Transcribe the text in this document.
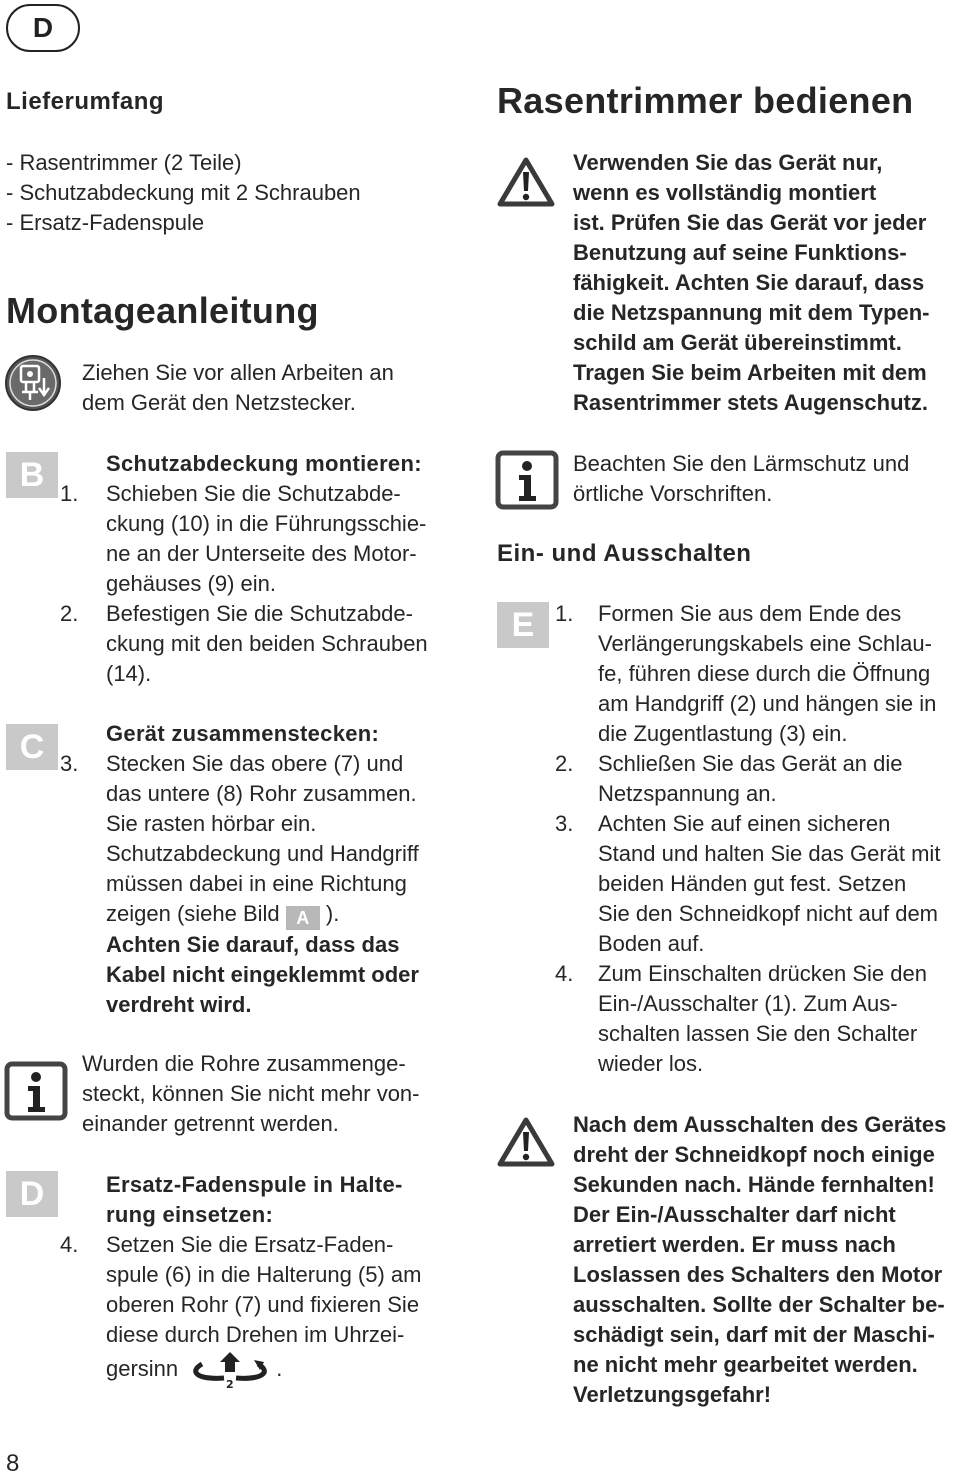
D
Lieferumfang
- Rasentrimmer (2 Teile)
- Schutzabdeckung mit 2 Schrauben
- Ersatz-Fadenspule
Montageanleitung
Ziehen Sie vor allen Arbeiten an
dem Gerät den Netzstecker.
B	Schutzabdeckung montieren:
1. Schieben Sie die Schutzabde-
ckung (10) in die Führungsschie-
ne an der Unterseite des Motor-
gehäuses (9) ein.
2. Befestigen Sie die Schutzabde-
ckung mit den beiden Schrauben
(14).
C	Gerät zusammenstecken:
3. Stecken Sie das obere (7) und
das untere (8) Rohr zusammen.
Sie rasten hörbar ein.
Schutzabdeckung und Handgriff
müssen dabei in eine Richtung
zeigen (siehe Bild A ).
Achten Sie darauf, dass das
Kabel nicht eingeklemmt oder
verdreht wird.
Wurden die Rohre zusammenge-
steckt, können Sie nicht mehr von-
einander getrennt werden.
D	Ersatz-Fadenspule in Halte-
rung einsetzen:
4. Setzen Sie die Ersatz-Faden-
spule (6) in die Halterung (5) am
oberen Rohr (7) und fixieren Sie
diese durch Drehen im Uhrzei-
gersinn
2
.
8
Rasentrimmer bedienen
Verwenden Sie das Gerät nur,
wenn es vollständig montiert
ist. Prüfen Sie das Gerät vor jeder
Benutzung auf seine Funktions-
fähigkeit. Achten Sie darauf, dass
die Netzspannung mit dem Typen-
schild am Gerät übereinstimmt.
Tragen Sie beim Arbeiten mit dem
Rasentrimmer stets Augenschutz.
Beachten Sie den Lärmschutz und
örtliche Vorschriften.
Ein- und Ausschalten
E 1. Formen Sie aus dem Ende des
Verlängerungskabels eine Schlau-
fe, führen diese durch die Öffnung
am Handgriff (2) und hängen sie in
die Zugentlastung (3) ein.
2. Schließen Sie das Gerät an die
Netzspannung an.
3. Achten Sie auf einen sicheren
Stand und halten Sie das Gerät mit
beiden Händen gut fest. Setzen
Sie den Schneidkopf nicht auf dem
Boden auf.
4. Zum Einschalten drücken Sie den
Ein-/Ausschalter (1). Zum Aus-
schalten lassen Sie den Schalter
wieder los.
Nach dem Ausschalten des Gerätes
dreht der Schneidkopf noch einige
Sekunden nach. Hände fernhalten!
Der Ein-/Ausschalter darf nicht
arretiert werden. Er muss nach
Loslassen des Schalters den Motor
ausschalten. Sollte der Schalter be-
schädigt sein, darf mit der Maschi-
ne nicht mehr gearbeitet werden.
Verletzungsgefahr!
